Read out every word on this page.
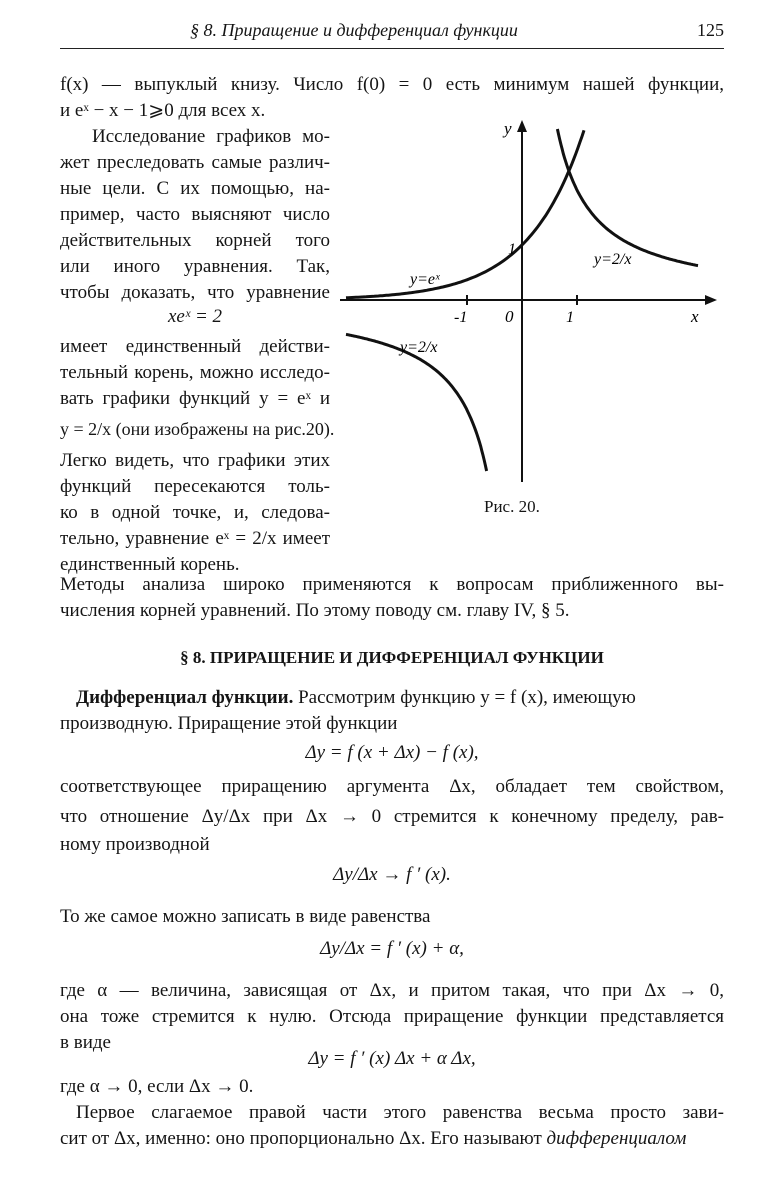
§ 8. Приращение и дифференциал функции	125
f(x) — выпуклый книзу. Число f(0) = 0 есть минимум нашей функции,
и eˣ − x − 1⩾0 для всех x.
Исследование графиков мо-
жет преследовать самые различ-
ные цели. С их помощью, на-
пример, часто выясняют число
действительных корней того
или иного уравнения. Так,
чтобы доказать, что уравнение
xeˣ = 2
имеет единственный действи-
тельный корень, можно исследо-
вать графики функций y = eˣ и
y = 2/x (они изображены на рис.20).
Легко видеть, что графики этих
функций пересекаются толь-
ко в одной точке, и, следова-
тельно, уравнение eˣ = 2/x имеет
единственный корень.
y
x
0
-1	1
1
y=eˣ
y=2/x
y=2/x
Рис. 20.
Методы анализа широко применяются к вопросам приближенного вы-
числения корней уравнений. По этому поводу см. главу IV, § 5.
§ 8. ПРИРАЩЕНИЕ И ДИФФЕРЕНЦИАЛ ФУНКЦИИ
Дифференциал функции. Рассмотрим функцию y = f (x), имеющую
производную. Приращение этой функции
Δy = f (x + Δx) − f (x),
соответствующее приращению аргумента Δx, обладает тем свойством,
что отношение Δy/Δx при Δx → 0 стремится к конечному пределу, рав-
ному производной
Δy/Δx → f ′ (x).
То же самое можно записать в виде равенства
Δy/Δx = f ′ (x) + α,
где α — величина, зависящая от Δx, и притом такая, что при Δx → 0,
она тоже стремится к нулю. Отсюда приращение функции представляется
в виде
Δy = f ′ (x) Δx + α Δx,
где α → 0, если Δx → 0.
Первое слагаемое правой части этого равенства весьма просто зави-
сит от Δx, именно: оно пропорционально Δx. Его называют дифференциалом
